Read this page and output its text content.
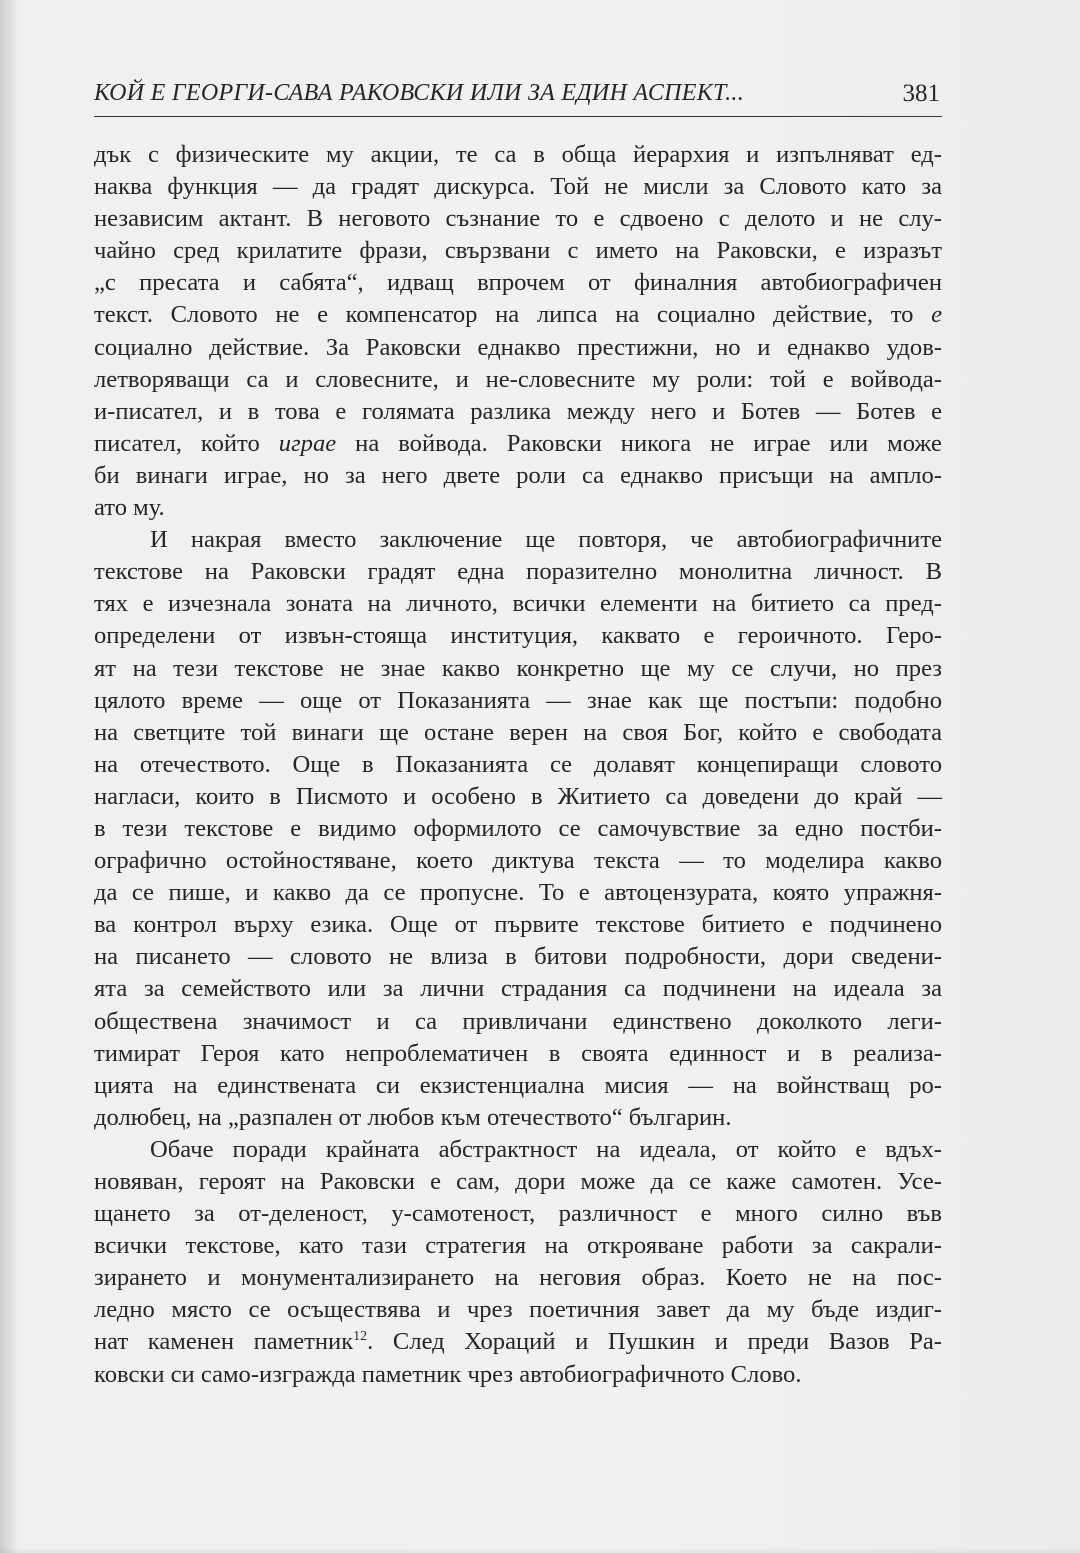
КОЙ Е ГЕОРГИ-САВА РАКОВСКИ ИЛИ ЗА ЕДИН АСПЕКТ...	381
дък с физическите му акции, те са в обща йерархия и изпълняват ед-
наква функция — да градят дискурса. Той не мисли за Словото като за
независим актант. В неговото съзнание то е сдвоено с делото и не слу-
чайно сред крилатите фрази, свързвани с името на Раковски, е изразът
„с пресата и сабята“, идващ впрочем от финалния автобиографичен
текст. Словото не е компенсатор на липса на социално действие, то е
социално действие. За Раковски еднакво престижни, но и еднакво удов-
летворяващи са и словесните, и не-словесните му роли: той е войвода-
и-писател, и в това е голямата разлика между него и Ботев — Ботев е
писател, който играе на войвода. Раковски никога не играе или може
би винаги играе, но за него двете роли са еднакво присъщи на ампло-
ато му.
И накрая вместо заключение ще повторя, че автобиографичните
текстове на Раковски градят една поразително монолитна личност. В
тях е изчезнала зоната на личното, всички елементи на битието са пред-
определени от извън-стояща институция, каквато е героичното. Геро-
ят на тези текстове не знае какво конкретно ще му се случи, но през
цялото време — още от Показанията — знае как ще постъпи: подобно
на светците той винаги ще остане верен на своя Бог, който е свободата
на отечеството. Още в Показанията се долавят концепиращи словото
нагласи, които в Писмото и особено в Житието са доведени до край —
в тези текстове е видимо оформилото се самочувствие за едно постби-
ографично остойностяване, което диктува текста — то моделира какво
да се пише, и какво да се пропусне. То е автоцензурата, която упражня-
ва контрол върху езика. Още от първите текстове битието е подчинено
на писането — словото не влиза в битови подробности, дори сведени-
ята за семейството или за лични страдания са подчинени на идеала за
обществена значимост и са привличани единствено доколкото леги-
тимират Героя като непроблематичен в своята единност и в реализа-
цията на единствената си екзистенциална мисия — на войнстващ ро-
долюбец, на „разпален от любов към отечеството“ българин.
Обаче поради крайната абстрактност на идеала, от който е вдъх-
новяван, героят на Раковски е сам, дори може да се каже самотен. Усе-
щането за от-деленост, у-самотеност, различност е много силно във
всички текстове, като тази стратегия на открояване работи за сакрали-
зирането и монументализирането на неговия образ. Което не на пос-
ледно място се осъществява и чрез поетичния завет да му бъде издиг-
нат каменен паметник$^{12}$. След Хораций и Пушкин и преди Вазов Ра-
ковски си само-изгражда паметник чрез автобиографичното Слово.
